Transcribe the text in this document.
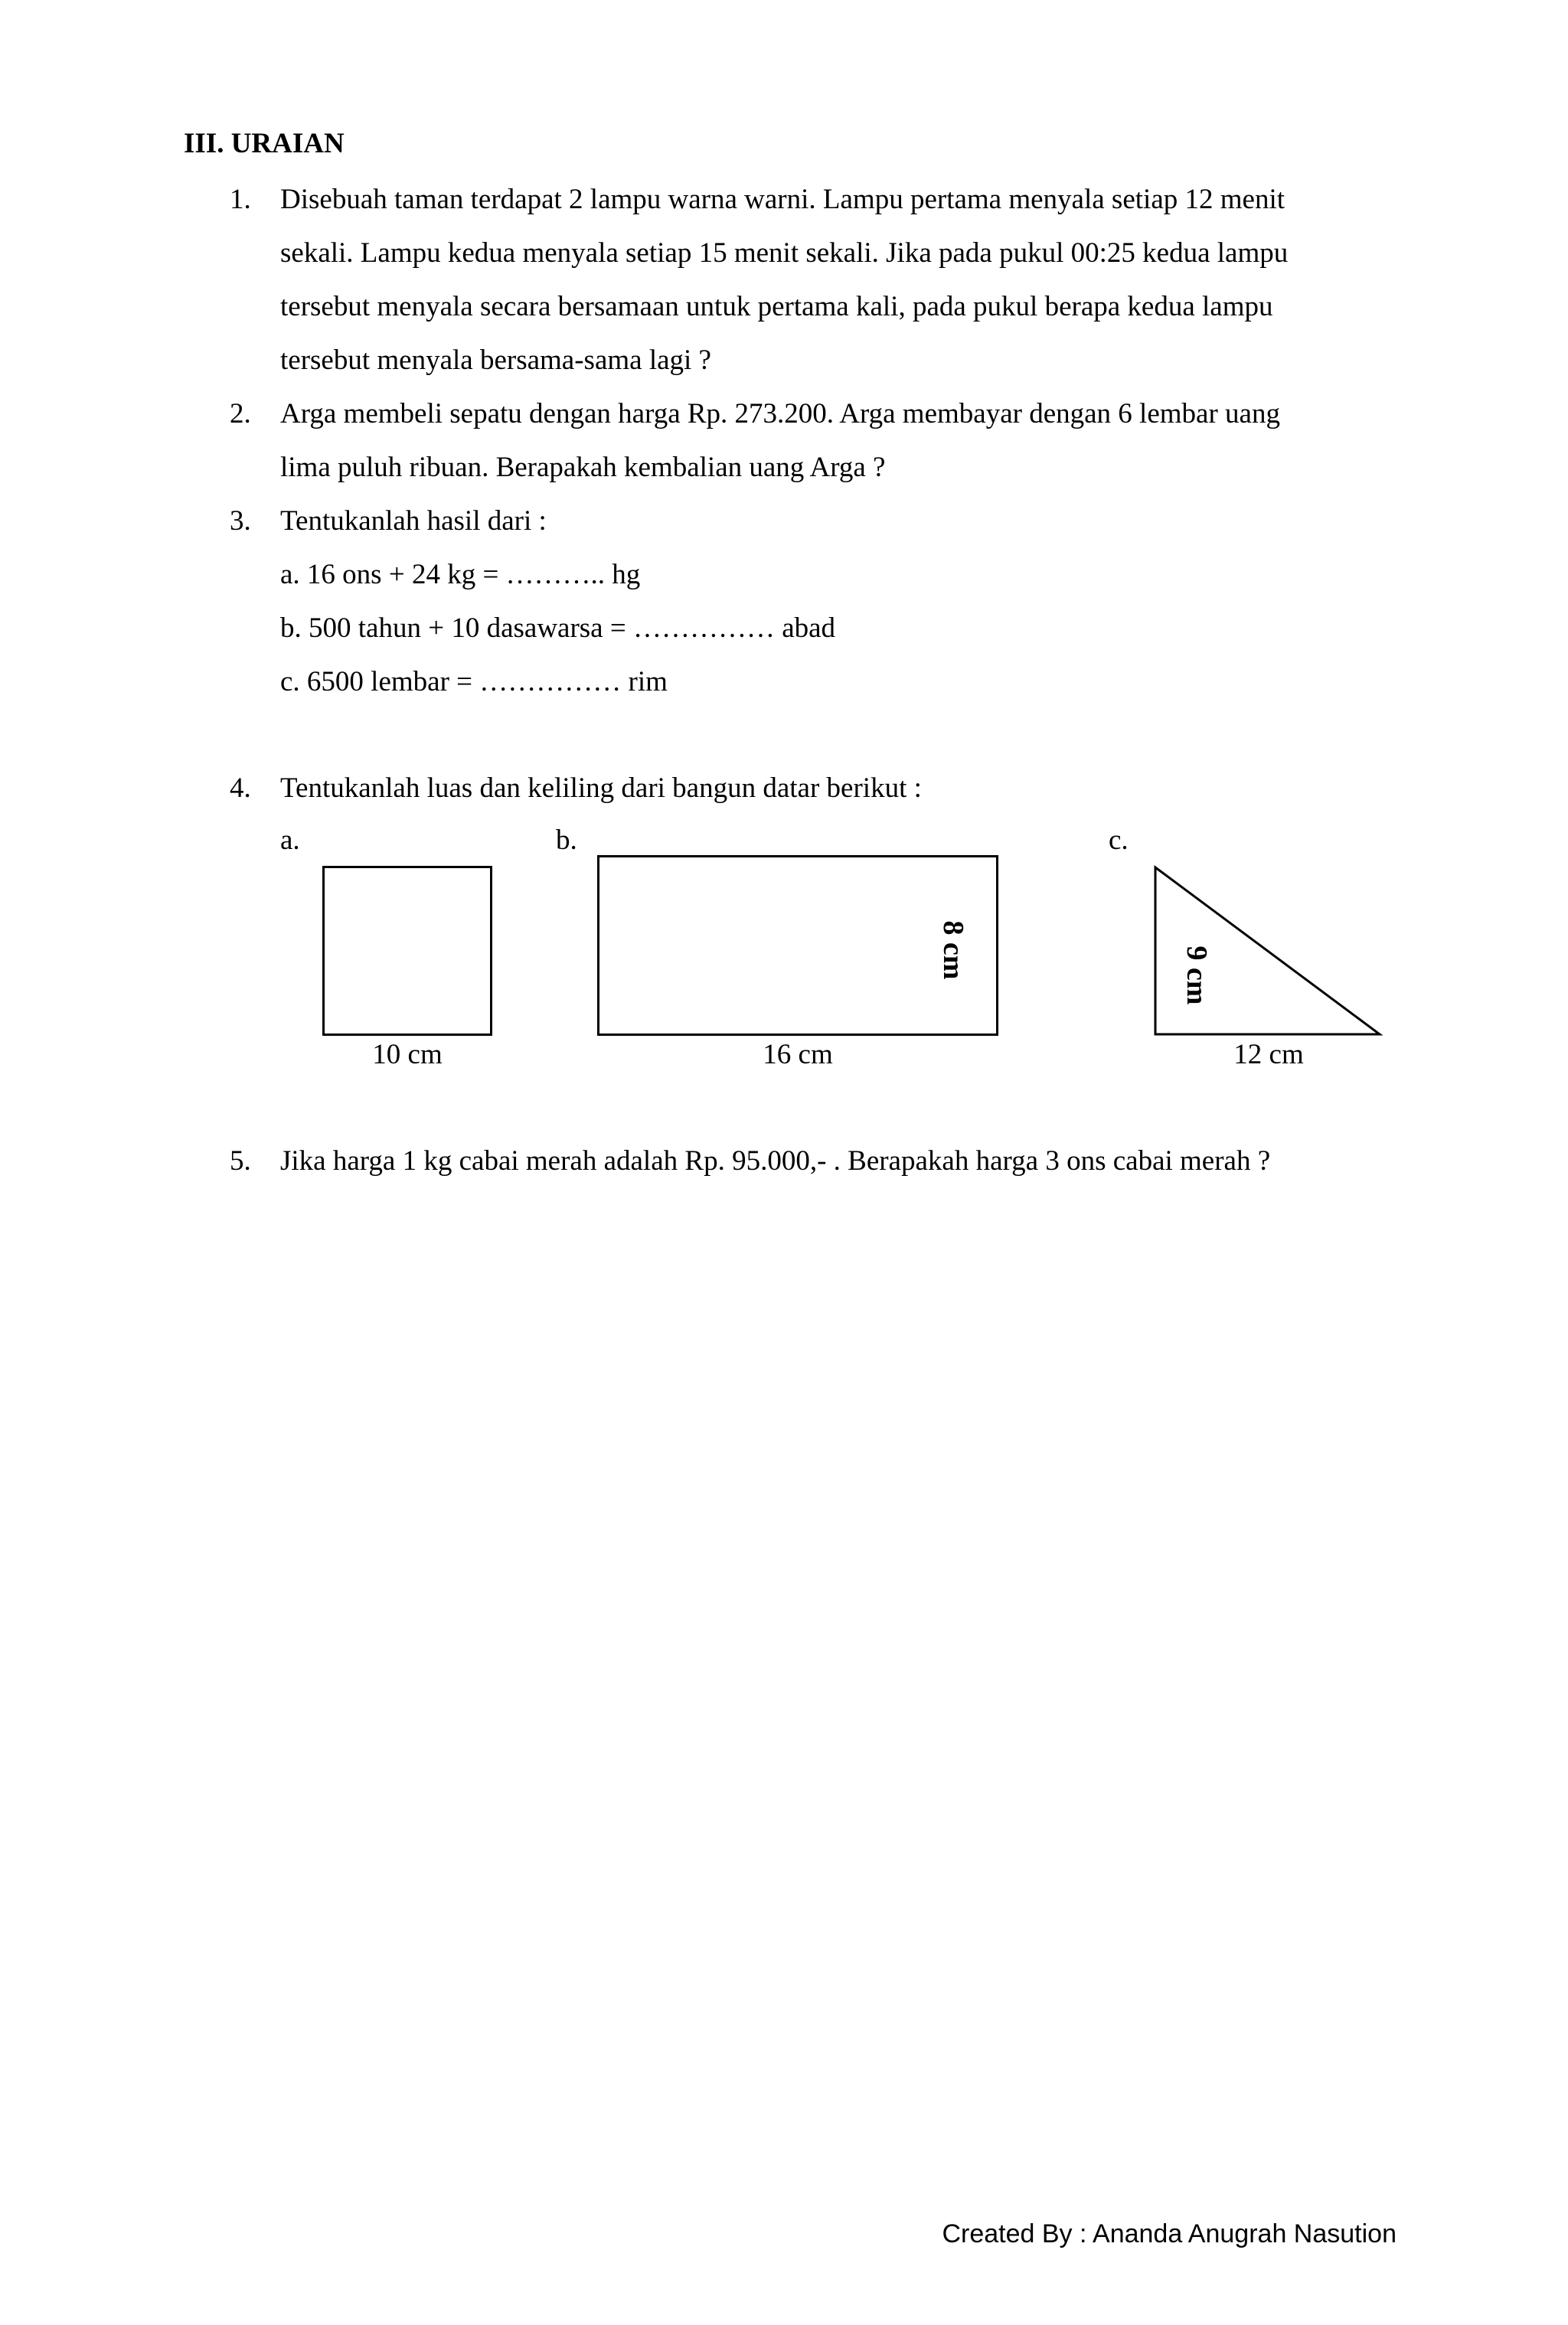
III. URAIAN
1. Disebuah taman terdapat 2 lampu warna warni. Lampu pertama menyala setiap 12 menit
sekali. Lampu kedua menyala setiap 15 menit sekali. Jika pada pukul 00:25 kedua lampu
tersebut menyala secara bersamaan untuk pertama kali, pada pukul berapa kedua lampu
tersebut menyala bersama-sama lagi ?
2. Arga membeli sepatu dengan harga Rp. 273.200. Arga membayar dengan 6 lembar uang
lima puluh ribuan. Berapakah kembalian uang Arga ?
3. Tentukanlah hasil dari :
a. 16 ons + 24 kg = ……….. hg
b. 500 tahun + 10 dasawarsa = …………… abad
c. 6500 lembar = …………… rim
4. Tentukanlah luas dan keliling dari bangun datar berikut :
a.
10 cm
b.
8 cm
16 cm
c.
9 cm
12 cm
5. Jika harga 1 kg cabai merah adalah Rp. 95.000,- . Berapakah harga 3 ons cabai merah ?
Created By : Ananda Anugrah Nasution
